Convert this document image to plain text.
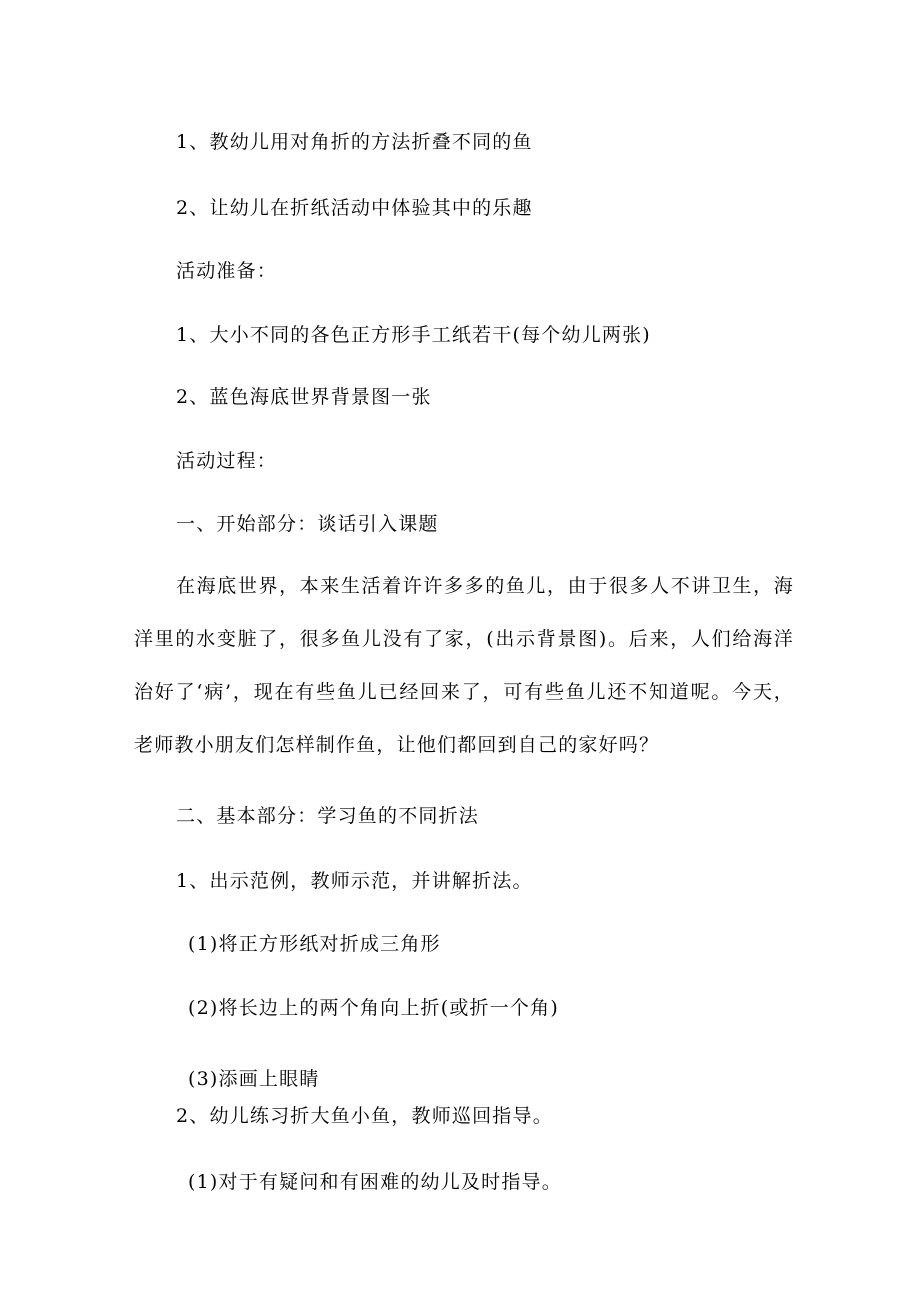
1、教幼儿用对角折的方法折叠不同的鱼

2、让幼儿在折纸活动中体验其中的乐趣

活动准备：

1、大小不同的各色正方形手工纸若干(每个幼儿两张)

2、蓝色海底世界背景图一张

活动过程：

一、开始部分：谈话引入课题

在海底世界，本来生活着许许多多的鱼儿，由于很多人不讲卫生，海洋里的水变脏了，很多鱼儿没有了家，(出示背景图)。后来，人们给海洋治好了‘病’，现在有些鱼儿已经回来了，可有些鱼儿还不知道呢。今天，老师教小朋友们怎样制作鱼，让他们都回到自己的家好吗？

二、基本部分：学习鱼的不同折法

1、出示范例，教师示范，并讲解折法。

(1)将正方形纸对折成三角形

(2)将长边上的两个角向上折(或折一个角)

(3)添画上眼睛

2、幼儿练习折大鱼小鱼，教师巡回指导。

(1)对于有疑问和有困难的幼儿及时指导。
